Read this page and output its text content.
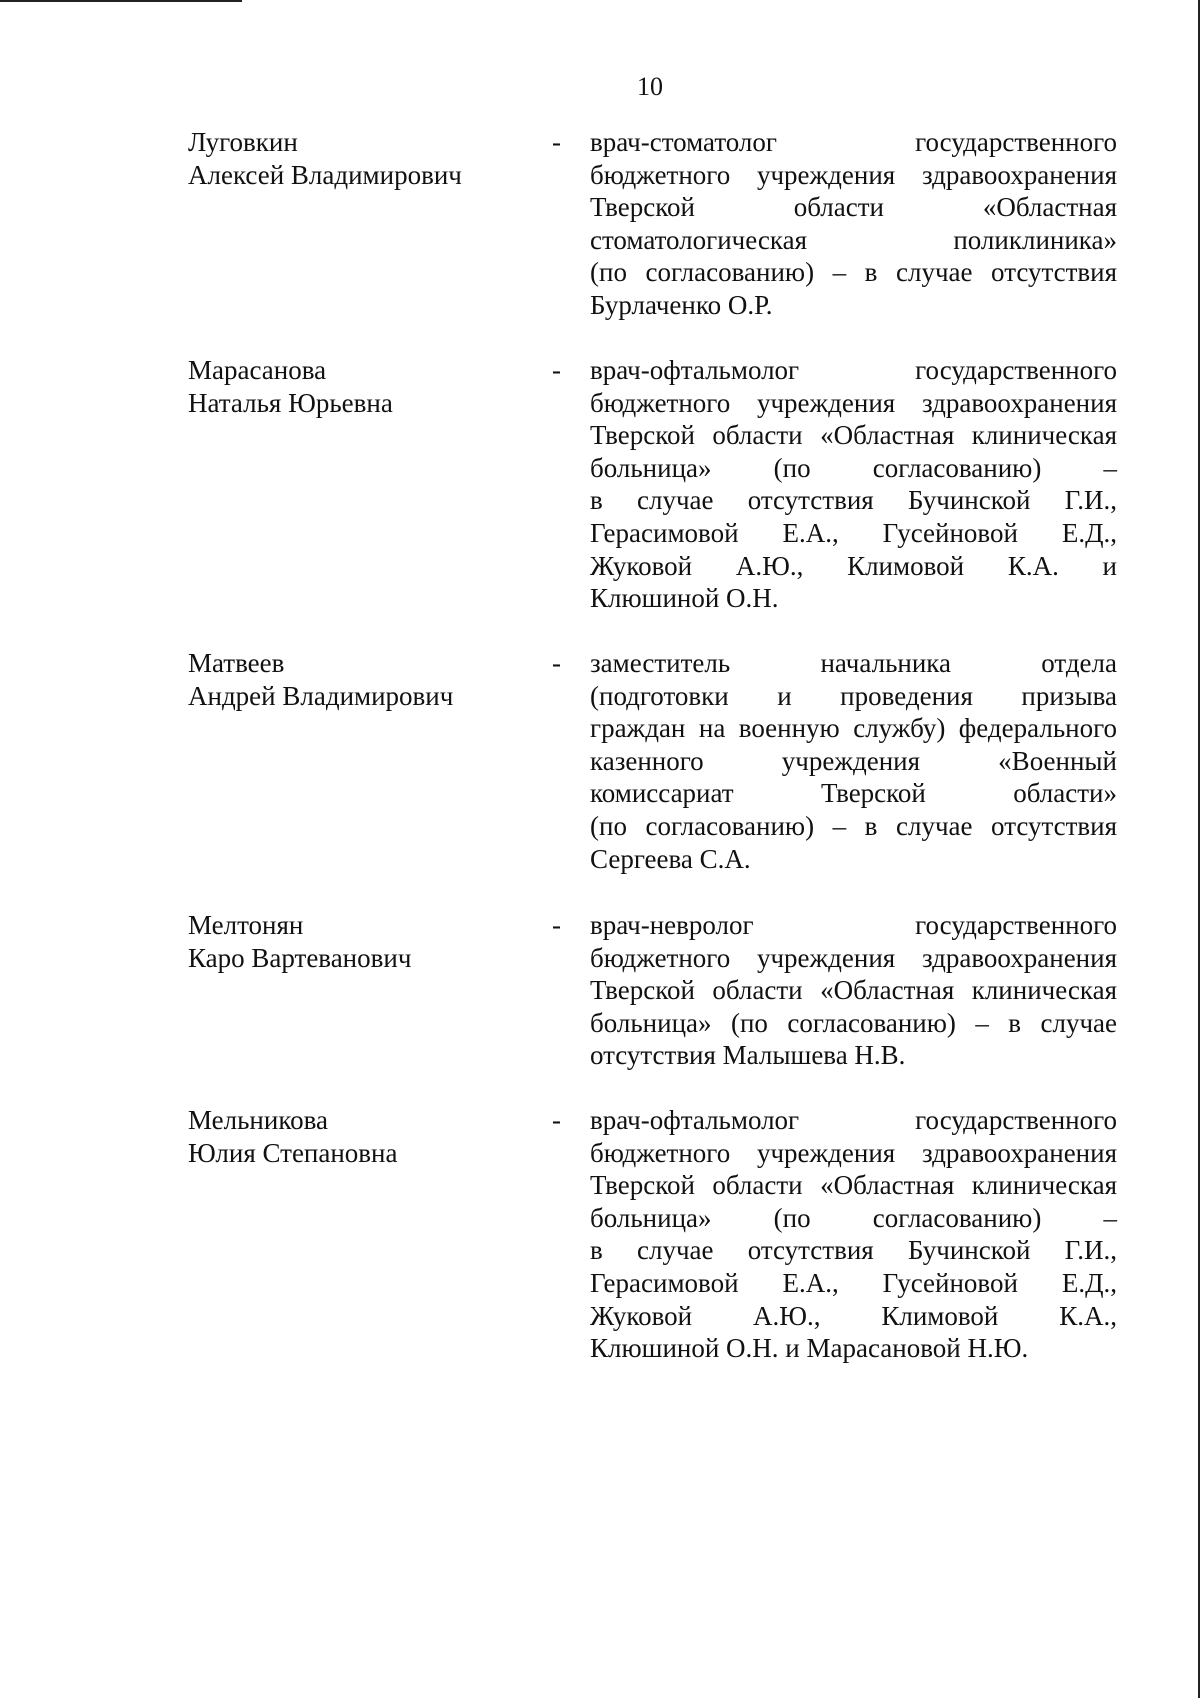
10
Луговкин
Алексей Владимирович
- врач-стоматолог государственного
бюджетного учреждения здравоохранения
Тверской области «Областная
стоматологическая поликлиника»
(по согласованию) – в случае отсутствия
Бурлаченко О.Р.
Марасанова
Наталья Юрьевна
- врач-офтальмолог государственного
бюджетного учреждения здравоохранения
Тверской области «Областная клиническая
больница» (по согласованию) –
в случае отсутствия Бучинской Г.И.,
Герасимовой Е.А., Гусейновой Е.Д.,
Жуковой А.Ю., Климовой К.А. и
Клюшиной О.Н.
Матвеев
Андрей Владимирович
- заместитель начальника отдела
(подготовки и проведения призыва
граждан на военную службу) федерального
казенного учреждения «Военный
комиссариат Тверской области»
(по согласованию) – в случае отсутствия
Сергеева С.А.
Мелтонян
Каро Вартеванович
- врач-невролог государственного
бюджетного учреждения здравоохранения
Тверской области «Областная клиническая
больница» (по согласованию) – в случае
отсутствия Малышева Н.В.
Мельникова
Юлия Степановна
- врач-офтальмолог государственного
бюджетного учреждения здравоохранения
Тверской области «Областная клиническая
больница» (по согласованию) –
в случае отсутствия Бучинской Г.И.,
Герасимовой Е.А., Гусейновой Е.Д.,
Жуковой А.Ю., Климовой К.А.,
Клюшиной О.Н. и Марасановой Н.Ю.
